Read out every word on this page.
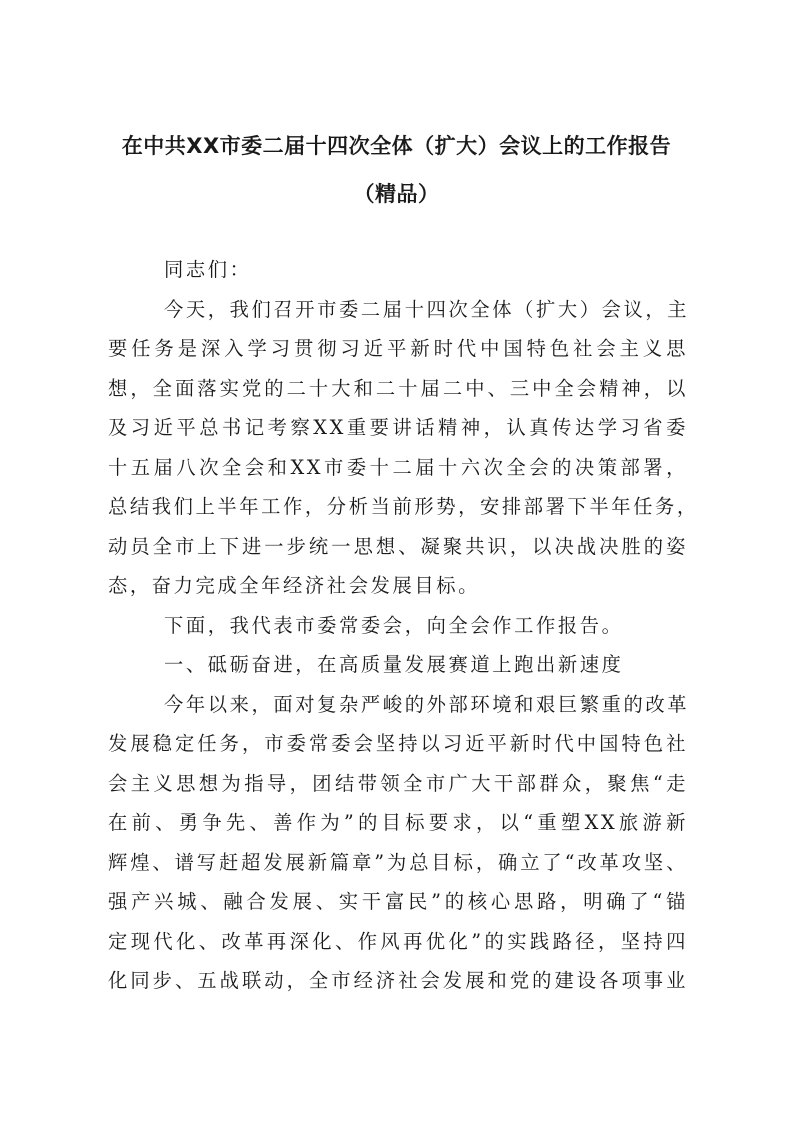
在中共XX市委二届十四次全体（扩大）会议上的工作报告
（精品）
同志们：
今天，我们召开市委二届十四次全体（扩大）会议，主
要任务是深入学习贯彻习近平新时代中国特色社会主义思
想，全面落实党的二十大和二十届二中、三中全会精神，以
及习近平总书记考察XX重要讲话精神，认真传达学习省委
十五届八次全会和XX市委十二届十六次全会的决策部署，
总结我们上半年工作，分析当前形势，安排部署下半年任务，
动员全市上下进一步统一思想、凝聚共识，以决战决胜的姿
态，奋力完成全年经济社会发展目标。
下面，我代表市委常委会，向全会作工作报告。
一、砥砺奋进，在高质量发展赛道上跑出新速度
今年以来，面对复杂严峻的外部环境和艰巨繁重的改革
发展稳定任务，市委常委会坚持以习近平新时代中国特色社
会主义思想为指导，团结带领全市广大干部群众，聚焦“走
在前、勇争先、善作为”的目标要求，以“重塑XX旅游新
辉煌、谱写赶超发展新篇章”为总目标，确立了“改革攻坚、
强产兴城、融合发展、实干富民”的核心思路，明确了“锚
定现代化、改革再深化、作风再优化”的实践路径，坚持四
化同步、五战联动，全市经济社会发展和党的建设各项事业
